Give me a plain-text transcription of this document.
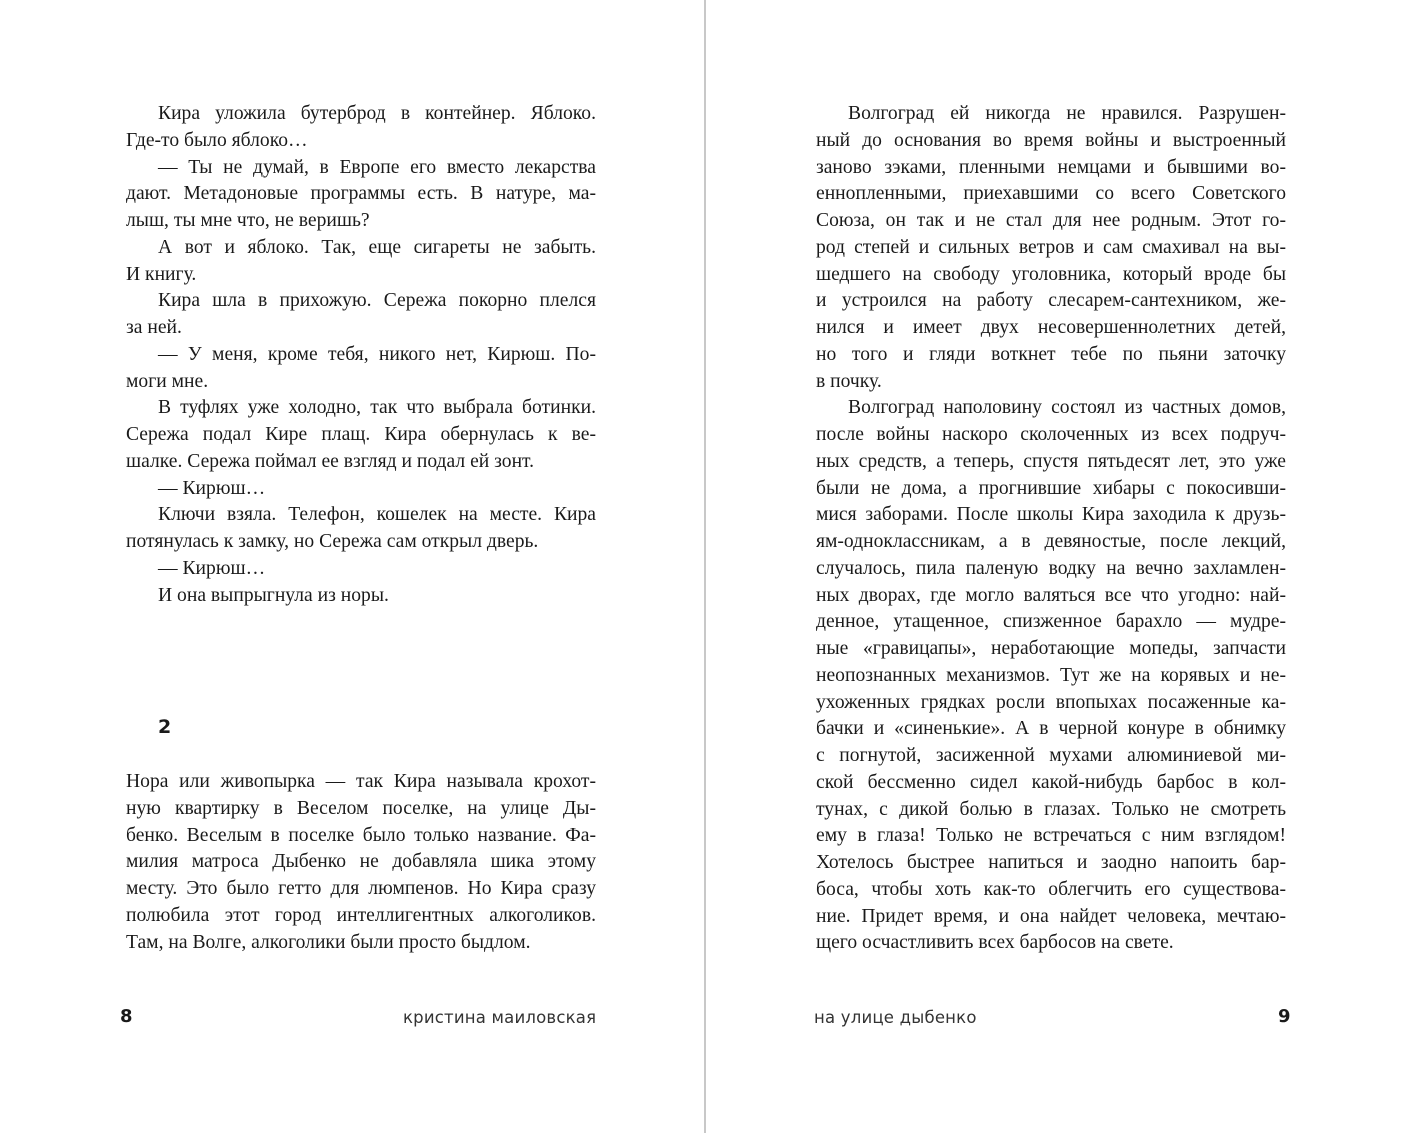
Кира уложила бутерброд в контейнер. Яблоко.
Где-то было яблоко…
— Ты не думай, в Европе его вместо лекарства
дают. Метадоновые программы есть. В натуре, ма-
лыш, ты мне что, не веришь?
А вот и яблоко. Так, еще сигареты не забыть.
И книгу.
Кира шла в прихожую. Сережа покорно плелся
за ней.
— У меня, кроме тебя, никого нет, Кирюш. По-
моги мне.
В туфлях уже холодно, так что выбрала ботинки.
Сережа подал Кире плащ. Кира обернулась к ве-
шалке. Сережа поймал ее взгляд и подал ей зонт.
— Кирюш…
Ключи взяла. Телефон, кошелек на месте. Кира
потянулась к замку, но Сережа сам открыл дверь.
— Кирюш…
И она выпрыгнула из норы.
2
Нора или живопырка — так Кира называла крохот-
ную квартирку в Веселом поселке, на улице Ды-
бенко. Веселым в поселке было только название. Фа-
милия матроса Дыбенко не добавляла шика этому
месту. Это было гетто для люмпенов. Но Кира сразу
полюбила этот город интеллигентных алкоголиков.
Там, на Волге, алкоголики были просто быдлом.
8	кристина маиловская
Волгоград ей никогда не нравился. Разрушен-
ный до основания во время войны и выстроенный
заново зэками, пленными немцами и бывшими во-
еннопленными, приехавшими со всего Советского
Союза, он так и не стал для нее родным. Этот го-
род степей и сильных ветров и сам смахивал на вы-
шедшего на свободу уголовника, который вроде бы
и устроился на работу слесарем-сантехником, же-
нился и имеет двух несовершеннолетних детей,
но того и гляди воткнет тебе по пьяни заточку
в почку.
Волгоград наполовину состоял из частных домов,
после войны наскоро сколоченных из всех подруч-
ных средств, а теперь, спустя пятьдесят лет, это уже
были не дома, а прогнившие хибары с покосивши-
мися заборами. После школы Кира заходила к друзь-
ям-одноклассникам, а в девяностые, после лекций,
случалось, пила паленую водку на вечно захламлен-
ных дворах, где могло валяться все что угодно: най-
денное, утащенное, спизженное барахло — мудре-
ные «гравицапы», неработающие мопеды, запчасти
неопознанных механизмов. Тут же на корявых и не-
ухоженных грядках росли впопыхах посаженные ка-
бачки и «синенькие». А в черной конуре в обнимку
с погнутой, засиженной мухами алюминиевой ми-
ской бессменно сидел какой-нибудь барбос в кол-
тунах, с дикой болью в глазах. Только не смотреть
ему в глаза! Только не встречаться с ним взглядом!
Хотелось быстрее напиться и заодно напоить бар-
боса, чтобы хоть как-то облегчить его существова-
ние. Придет время, и она найдет человека, мечтаю-
щего осчастливить всех барбосов на свете.
на улице дыбенко	9
